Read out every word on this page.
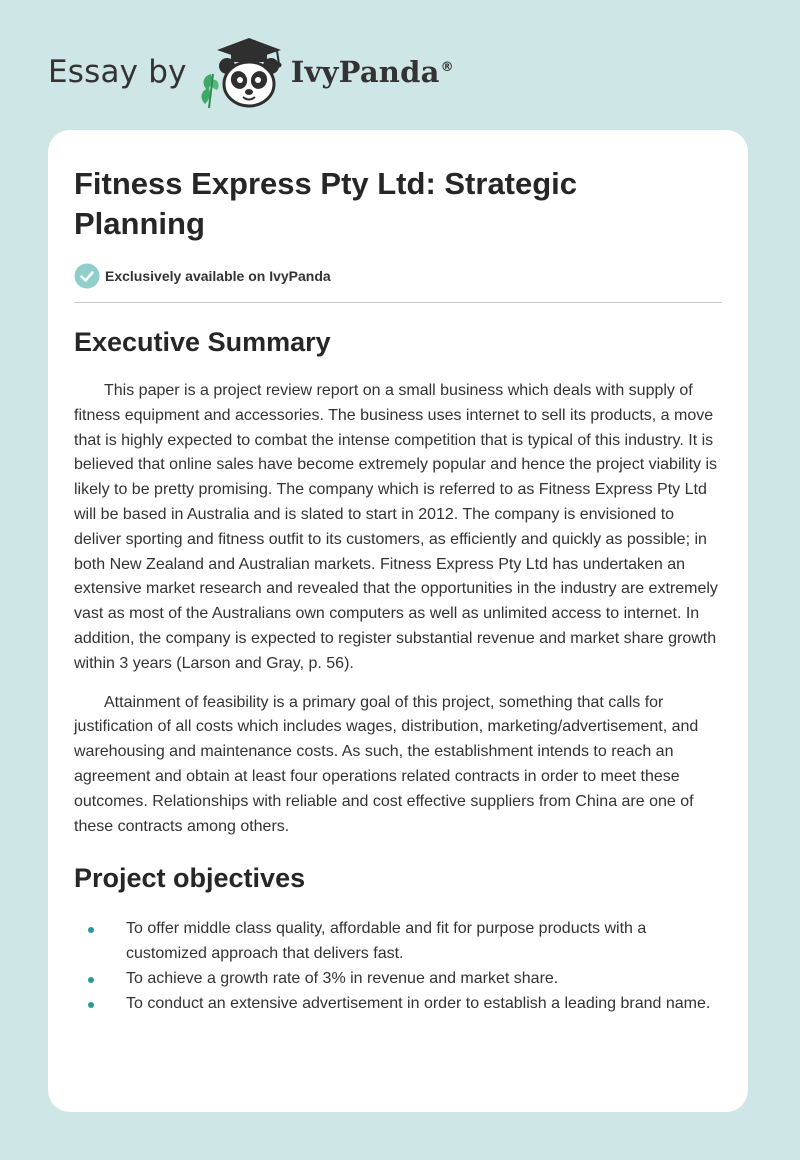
Essay by	IvyPanda®
Fitness Express Pty Ltd: Strategic Planning
Exclusively available on IvyPanda
Executive Summary

This paper is a project review report on a small business which deals with supply of fitness equipment and accessories. The business uses internet to sell its products, a move that is highly expected to combat the intense competition that is typical of this industry. It is believed that online sales have become extremely popular and hence the project viability is likely to be pretty promising. The company which is referred to as Fitness Express Pty Ltd will be based in Australia and is slated to start in 2012. The company is envisioned to deliver sporting and fitness outfit to its customers, as efficiently and quickly as possible; in both New Zealand and Australian markets. Fitness Express Pty Ltd has undertaken an extensive market research and revealed that the opportunities in the industry are extremely vast as most of the Australians own computers as well as unlimited access to internet. In addition, the company is expected to register substantial revenue and market share growth within 3 years (Larson and Gray, p. 56).

Attainment of feasibility is a primary goal of this project, something that calls for justification of all costs which includes wages, distribution, marketing/advertisement, and warehousing and maintenance costs. As such, the establishment intends to reach an agreement and obtain at least four operations related contracts in order to meet these outcomes. Relationships with reliable and cost effective suppliers from China are one of these contracts among others.

Project objectives
To offer middle class quality, affordable and fit for purpose products with a customized approach that delivers fast.
To achieve a growth rate of 3% in revenue and market share.
To conduct an extensive advertisement in order to establish a leading brand name.
